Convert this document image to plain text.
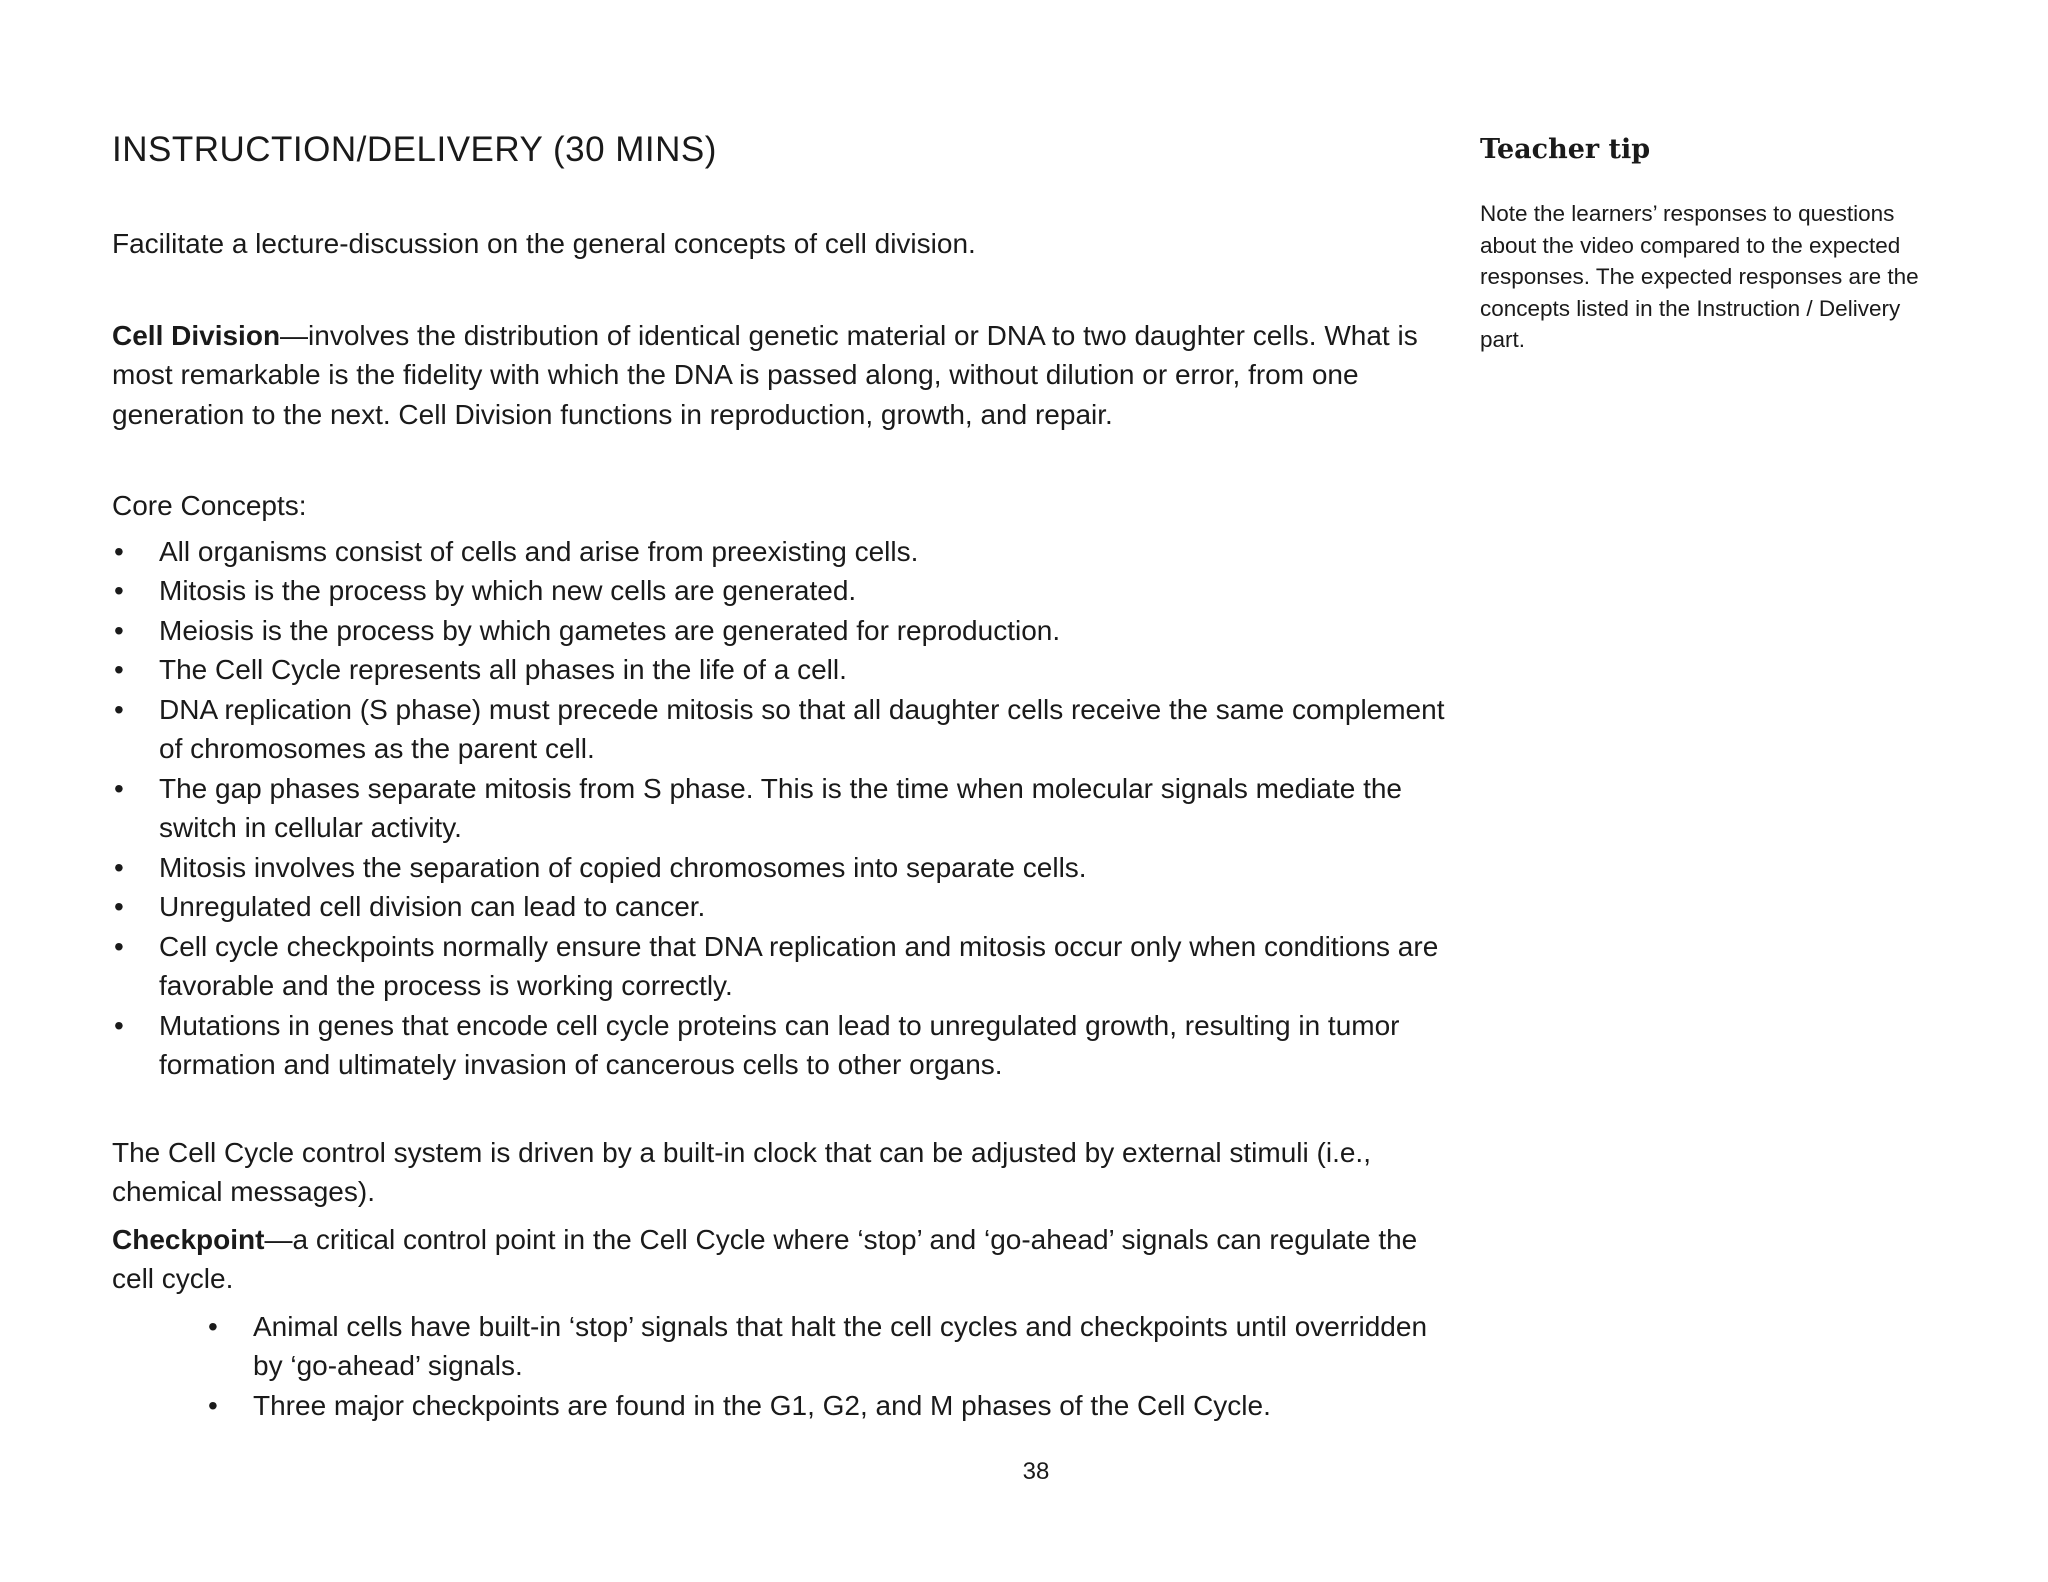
INSTRUCTION/DELIVERY (30 MINS)

Facilitate a lecture-discussion on the general concepts of cell division.

Cell Division—involves the distribution of identical genetic material or DNA to two daughter cells. What is most remarkable is the fidelity with which the DNA is passed along, without dilution or error, from one generation to the next. Cell Division functions in reproduction, growth, and repair.

Core Concepts:

• All organisms consist of cells and arise from preexisting cells.
• Mitosis is the process by which new cells are generated.
• Meiosis is the process by which gametes are generated for reproduction.
• The Cell Cycle represents all phases in the life of a cell.
• DNA replication (S phase) must precede mitosis so that all daughter cells receive the same complement of chromosomes as the parent cell.
• The gap phases separate mitosis from S phase. This is the time when molecular signals mediate the switch in cellular activity.
• Mitosis involves the separation of copied chromosomes into separate cells.
• Unregulated cell division can lead to cancer.
• Cell cycle checkpoints normally ensure that DNA replication and mitosis occur only when conditions are favorable and the process is working correctly.
• Mutations in genes that encode cell cycle proteins can lead to unregulated growth, resulting in tumor formation and ultimately invasion of cancerous cells to other organs.

The Cell Cycle control system is driven by a built-in clock that can be adjusted by external stimuli (i.e., chemical messages).

Checkpoint—a critical control point in the Cell Cycle where ‘stop’ and ‘go-ahead’ signals can regulate the cell cycle.

• Animal cells have built-in ‘stop’ signals that halt the cell cycles and checkpoints until overridden by ‘go-ahead’ signals.
• Three major checkpoints are found in the G1, G2, and M phases of the Cell Cycle.
Teacher tip

Note the learners’ responses to questions about the video compared to the expected responses. The expected responses are the concepts listed in the Instruction / Delivery part.

38
